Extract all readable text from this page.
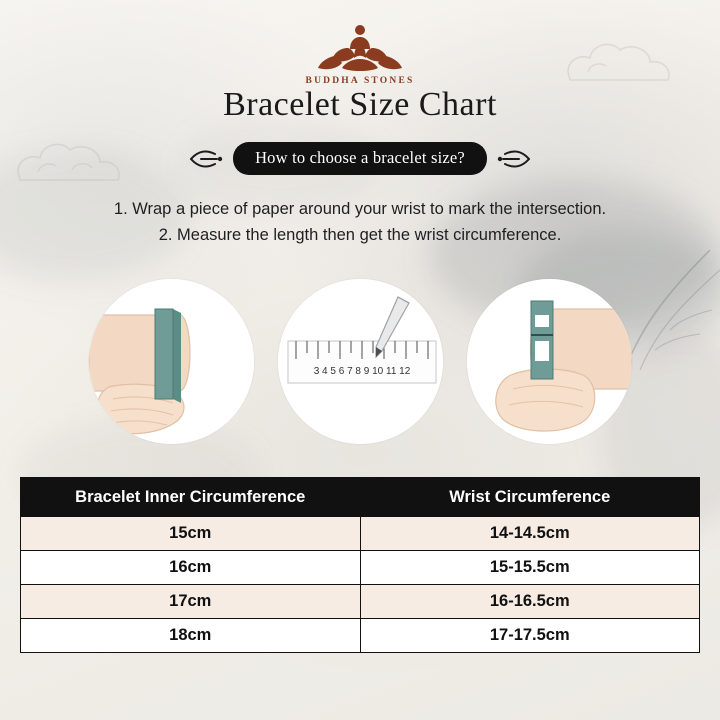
BUDDHA STONES
Bracelet Size Chart
How to choose a bracelet size?
1. Wrap a piece of paper around your wrist to mark the intersection.
2. Measure the length then get the wrist circumference.
3 4 5 6 7 8 9 10 11 12
Bracelet Inner Circumference	Wrist Circumference
15cm	14-14.5cm
16cm	15-15.5cm
17cm	16-16.5cm
18cm	17-17.5cm
